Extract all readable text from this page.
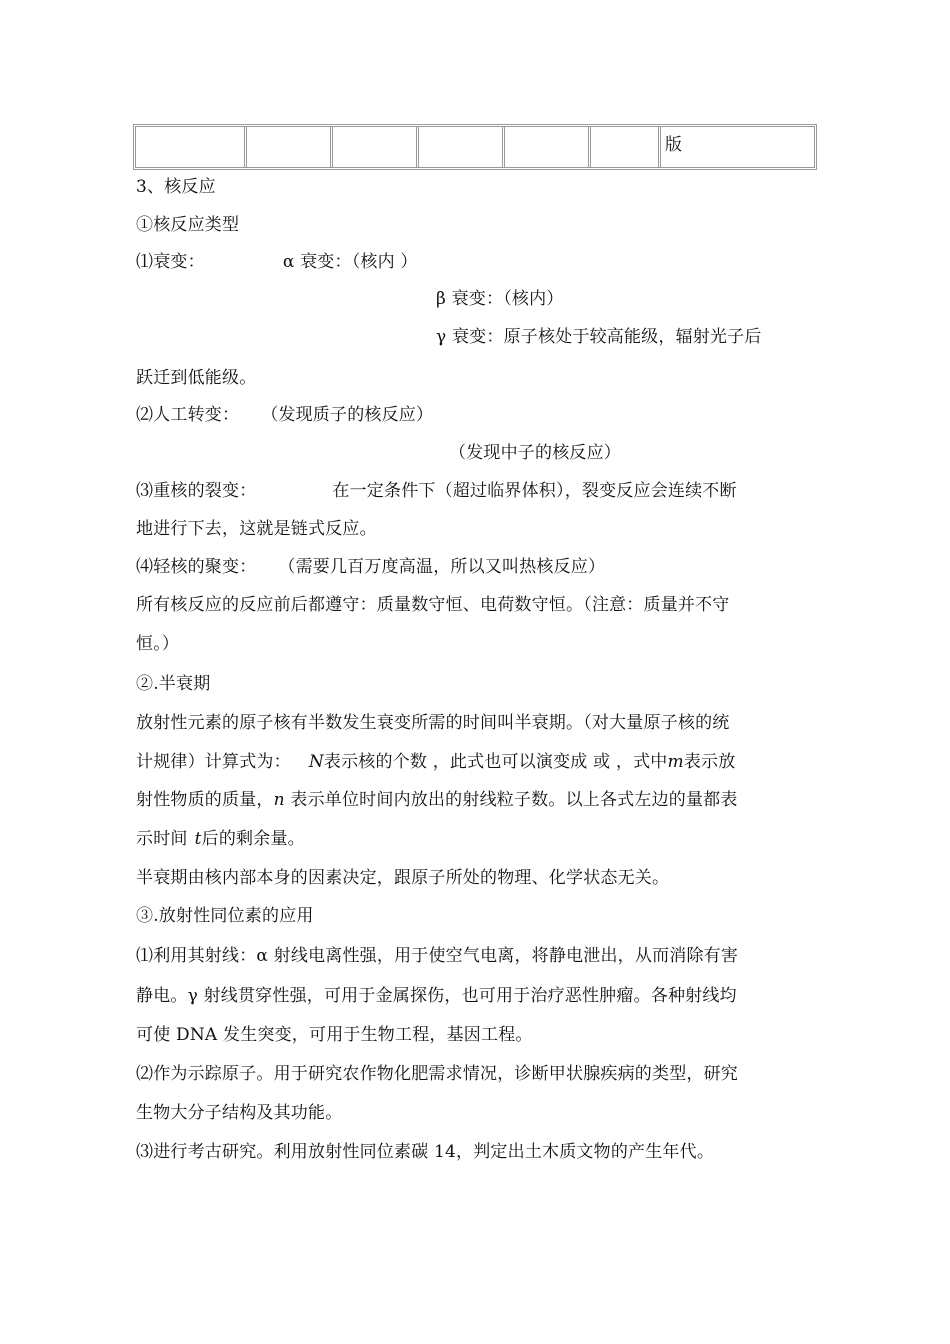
版
3、核反应
①核反应类型
⑴衰变：	α 衰变：（核内 ）
β 衰变：（核内）
γ 衰变：原子核处于较高能级，辐射光子后
跃迁到低能级。
⑵人工转变： （发现质子的核反应）
（发现中子的核反应）
⑶重核的裂变：	在一定条件下（超过临界体积），裂变反应会连续不断
地进行下去，这就是链式反应。
⑷轻核的聚变： （需要几百万度高温，所以又叫热核反应）
所有核反应的反应前后都遵守：质量数守恒、电荷数守恒。（注意：质量并不守
恒。）
②.半衰期
放射性元素的原子核有半数发生衰变所需的时间叫半衰期。（对大量原子核的统
计规律）计算式为： N表示核的个数 ，此式也可以演变成 或 ，式中m表示放
射性物质的质量，n 表示单位时间内放出的射线粒子数。以上各式左边的量都表
示时间 t后的剩余量。
半衰期由核内部本身的因素决定，跟原子所处的物理、化学状态无关。
③.放射性同位素的应用
⑴利用其射线：α 射线电离性强，用于使空气电离，将静电泄出，从而消除有害
静电。γ 射线贯穿性强，可用于金属探伤，也可用于治疗恶性肿瘤。各种射线均
可使 DNA 发生突变，可用于生物工程，基因工程。
⑵作为示踪原子。用于研究农作物化肥需求情况，诊断甲状腺疾病的类型，研究
生物大分子结构及其功能。
⑶进行考古研究。利用放射性同位素碳 14，判定出土木质文物的产生年代。
